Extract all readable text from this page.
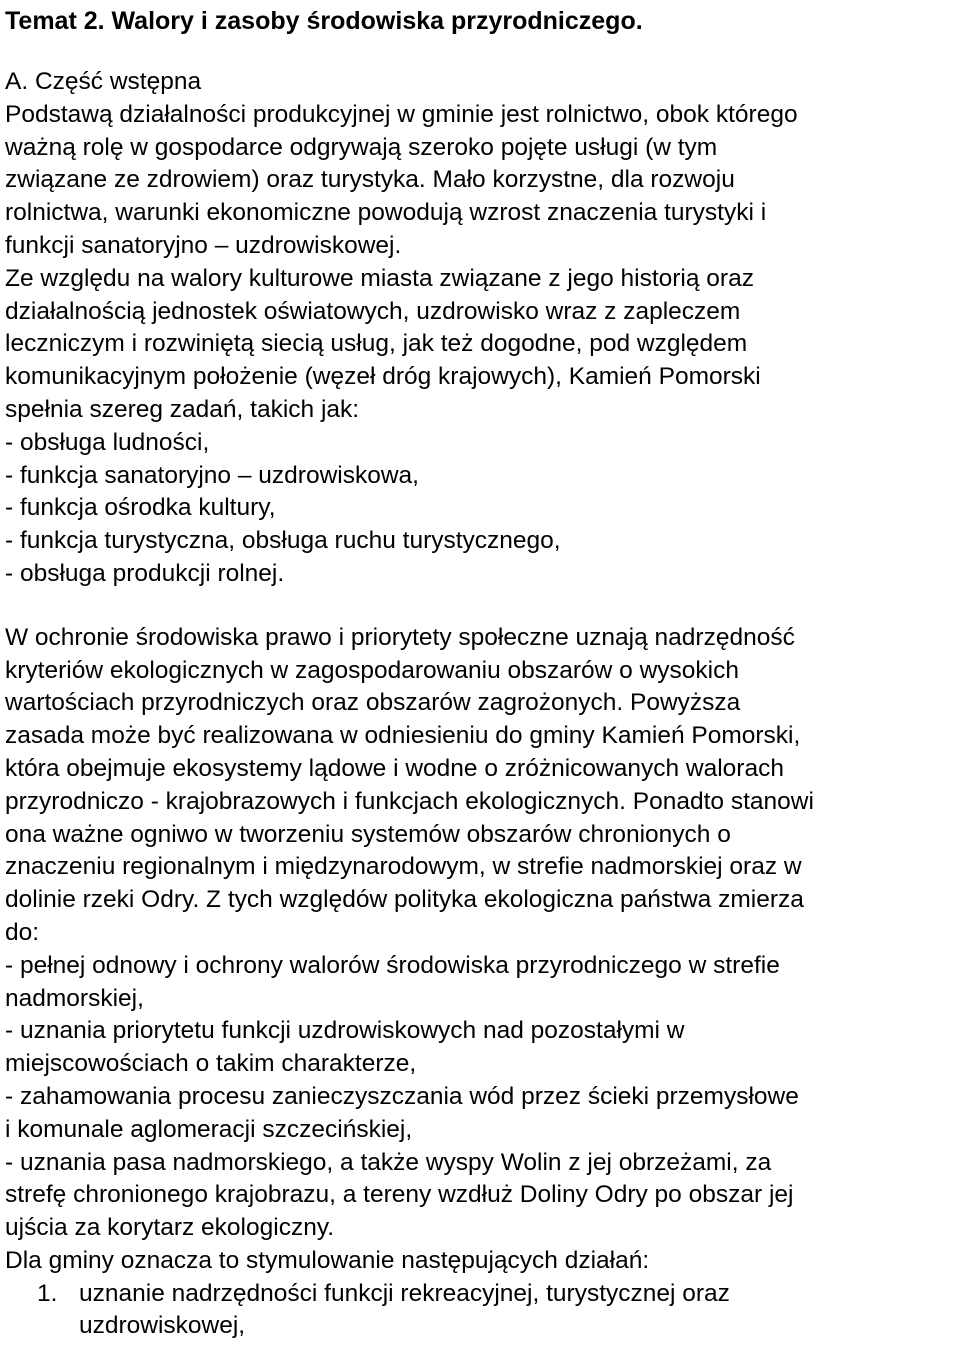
Temat 2. Walory i zasoby środowiska przyrodniczego.
A. Część wstępna
Podstawą działalności produkcyjnej w gminie jest rolnictwo, obok którego
ważną rolę w gospodarce odgrywają szeroko pojęte usługi (w tym
związane ze zdrowiem) oraz turystyka. Mało korzystne, dla rozwoju
rolnictwa, warunki ekonomiczne powodują wzrost znaczenia turystyki i
funkcji sanatoryjno – uzdrowiskowej.
Ze względu na walory kulturowe miasta związane z jego historią oraz
działalnością jednostek oświatowych, uzdrowisko wraz z zapleczem
leczniczym i rozwiniętą siecią usług, jak też dogodne, pod względem
komunikacyjnym położenie (węzeł dróg krajowych), Kamień Pomorski
spełnia szereg zadań, takich jak:
- obsługa ludności,
- funkcja sanatoryjno – uzdrowiskowa,
- funkcja ośrodka kultury,
- funkcja turystyczna, obsługa ruchu turystycznego,
- obsługa produkcji rolnej.
W ochronie środowiska prawo i priorytety społeczne uznają nadrzędność
kryteriów ekologicznych w zagospodarowaniu obszarów o wysokich
wartościach przyrodniczych oraz obszarów zagrożonych. Powyższa
zasada może być realizowana w odniesieniu do gminy Kamień Pomorski,
która obejmuje ekosystemy lądowe i wodne o zróżnicowanych walorach
przyrodniczo - krajobrazowych i funkcjach ekologicznych. Ponadto stanowi
ona ważne ogniwo w tworzeniu systemów obszarów chronionych o
znaczeniu regionalnym i międzynarodowym, w strefie nadmorskiej oraz w
dolinie rzeki Odry. Z tych względów polityka ekologiczna państwa zmierza
do:
- pełnej odnowy i ochrony walorów środowiska przyrodniczego w strefie
nadmorskiej,
- uznania priorytetu funkcji uzdrowiskowych nad pozostałymi w
miejscowościach o takim charakterze,
- zahamowania procesu zanieczyszczania wód przez ścieki przemysłowe
i komunale aglomeracji szczecińskiej,
- uznania pasa nadmorskiego, a także wyspy Wolin z jej obrzeżami, za
strefę chronionego krajobrazu, a tereny wzdłuż Doliny Odry po obszar jej
ujścia za korytarz ekologiczny.
Dla gminy oznacza to stymulowanie następujących działań:
1. uznanie nadrzędności funkcji rekreacyjnej, turystycznej oraz
uzdrowiskowej,
